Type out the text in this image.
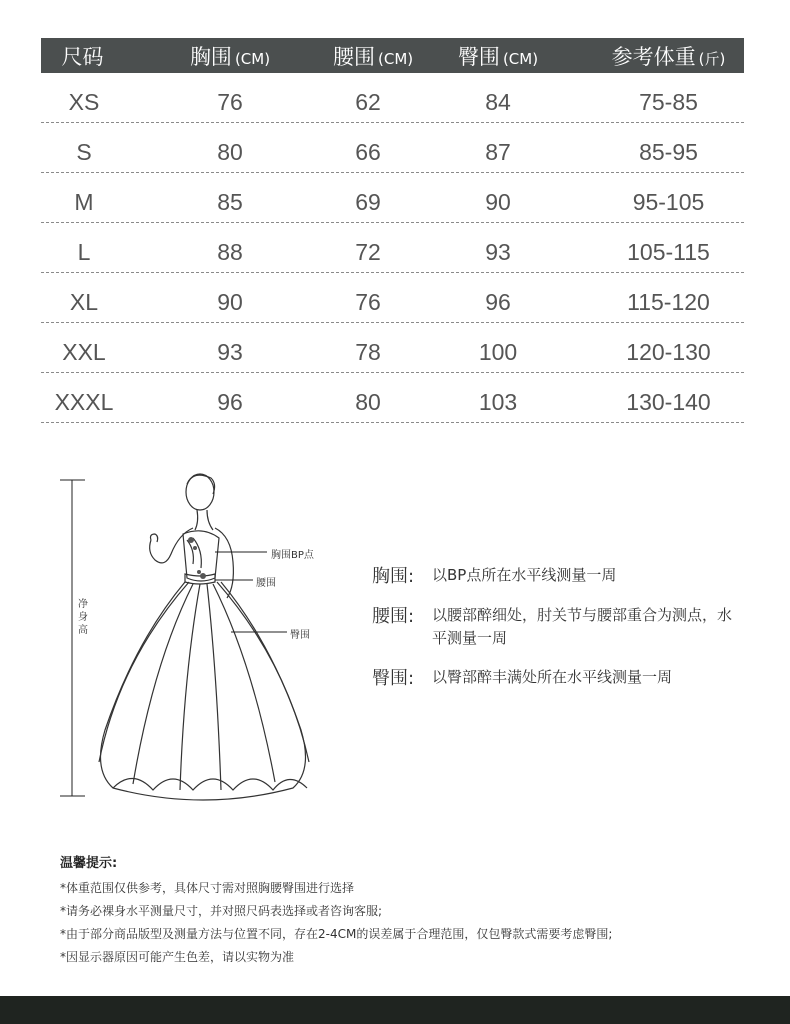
尺码	胸围 (CM)	腰围 (CM)	臀围 (CM)	参考体重 (斤)
XS	76	62	84	75-85
S	80	66	87	85-95
M	85	69	90	95-105
L	88	72	93	105-115
XL	90	76	96	115-120
XXL	93	78	100	120-130
XXXL	96	80	103	130-140
胸围BP点
腰围
臀围
净身高
胸围:	以BP点所在水平线测量一周
腰围:	以腰部醉细处，肘关节与腰部重合为测点，水平测量一周
臀围:	以臀部醉丰满处所在水平线测量一周
温馨提示:
*体重范围仅供参考，具体尺寸需对照胸腰臀围进行选择
*请务必裸身水平测量尺寸，并对照尺码表选择或者咨询客服;
*由于部分商品版型及测量方法与位置不同，存在2-4CM的误差属于合理范围，仅包臀款式需要考虑臀围;
*因显示器原因可能产生色差，请以实物为准
